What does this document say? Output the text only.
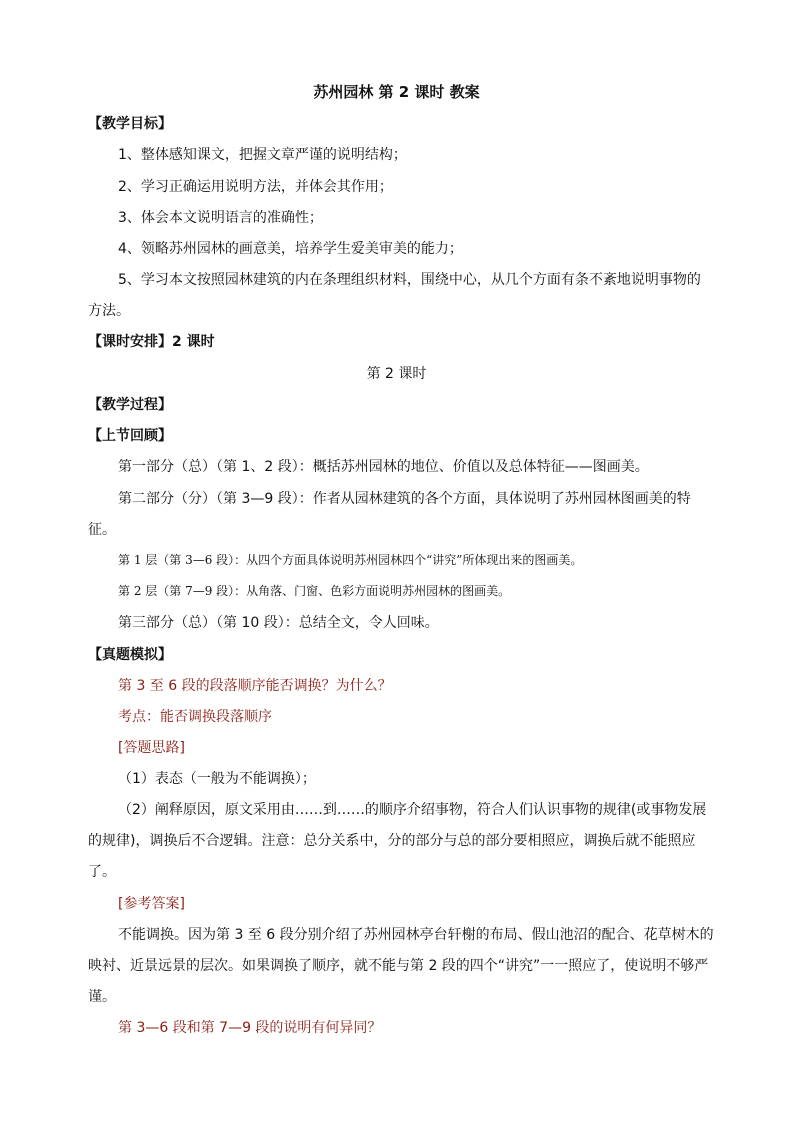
苏州园林 第 2 课时 教案
【教学目标】
1、整体感知课文，把握文章严谨的说明结构；
2、学习正确运用说明方法，并体会其作用；
3、体会本文说明语言的准确性；
4、领略苏州园林的画意美，培养学生爱美审美的能力；
5、学习本文按照园林建筑的内在条理组织材料，围绕中心，从几个方面有条不紊地说明事物的
方法。
【课时安排】2 课时
第 2 课时
【教学过程】
【上节回顾】
第一部分（总）（第 1、2 段）：概括苏州园林的地位、价值以及总体特征——图画美。
第二部分（分）（第 3—9 段）：作者从园林建筑的各个方面，具体说明了苏州园林图画美的特
征。
第 1 层（第 3—6 段）：从四个方面具体说明苏州园林四个“讲究”所体现出来的图画美。
第 2 层（第 7—9 段）：从角落、门窗、色彩方面说明苏州园林的图画美。
第三部分（总）（第 10 段）：总结全文，令人回味。
【真题模拟】
第 3 至 6 段的段落顺序能否调换？为什么？
考点：能否调换段落顺序
[答题思路]
（1）表态（一般为不能调换）；
（2）阐释原因，原文采用由……到……的顺序介绍事物，符合人们认识事物的规律(或事物发展
的规律)，调换后不合逻辑。注意：总分关系中，分的部分与总的部分要相照应，调换后就不能照应
了。
[参考答案]
不能调换。因为第 3 至 6 段分别介绍了苏州园林亭台轩榭的布局、假山池沼的配合、花草树木的
映衬、近景远景的层次。如果调换了顺序，就不能与第 2 段的四个“讲究”一一照应了，使说明不够严
谨。
第 3—6 段和第 7—9 段的说明有何异同？
